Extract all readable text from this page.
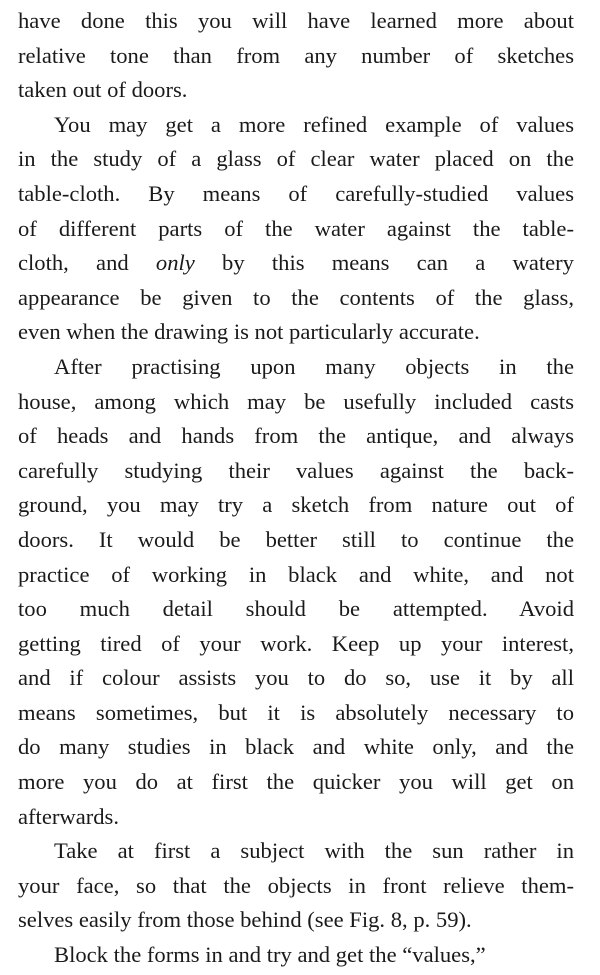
have done this you will have learned more about
relative tone than from any number of sketches
taken out of doors.

You may get a more refined example of values
in the study of a glass of clear water placed on the
table-cloth. By means of carefully-studied values
of different parts of the water against the table-
cloth, and only by this means can a watery
appearance be given to the contents of the glass,
even when the drawing is not particularly accurate.

After practising upon many objects in the
house, among which may be usefully included casts
of heads and hands from the antique, and always
carefully studying their values against the back-
ground, you may try a sketch from nature out of
doors. It would be better still to continue the
practice of working in black and white, and not
too much detail should be attempted. Avoid
getting tired of your work. Keep up your interest,
and if colour assists you to do so, use it by all
means sometimes, but it is absolutely necessary to
do many studies in black and white only, and the
more you do at first the quicker you will get on
afterwards.

Take at first a subject with the sun rather in
your face, so that the objects in front relieve them-
selves easily from those behind (see Fig. 8, p. 59).

Block the forms in and try and get the “values,”
